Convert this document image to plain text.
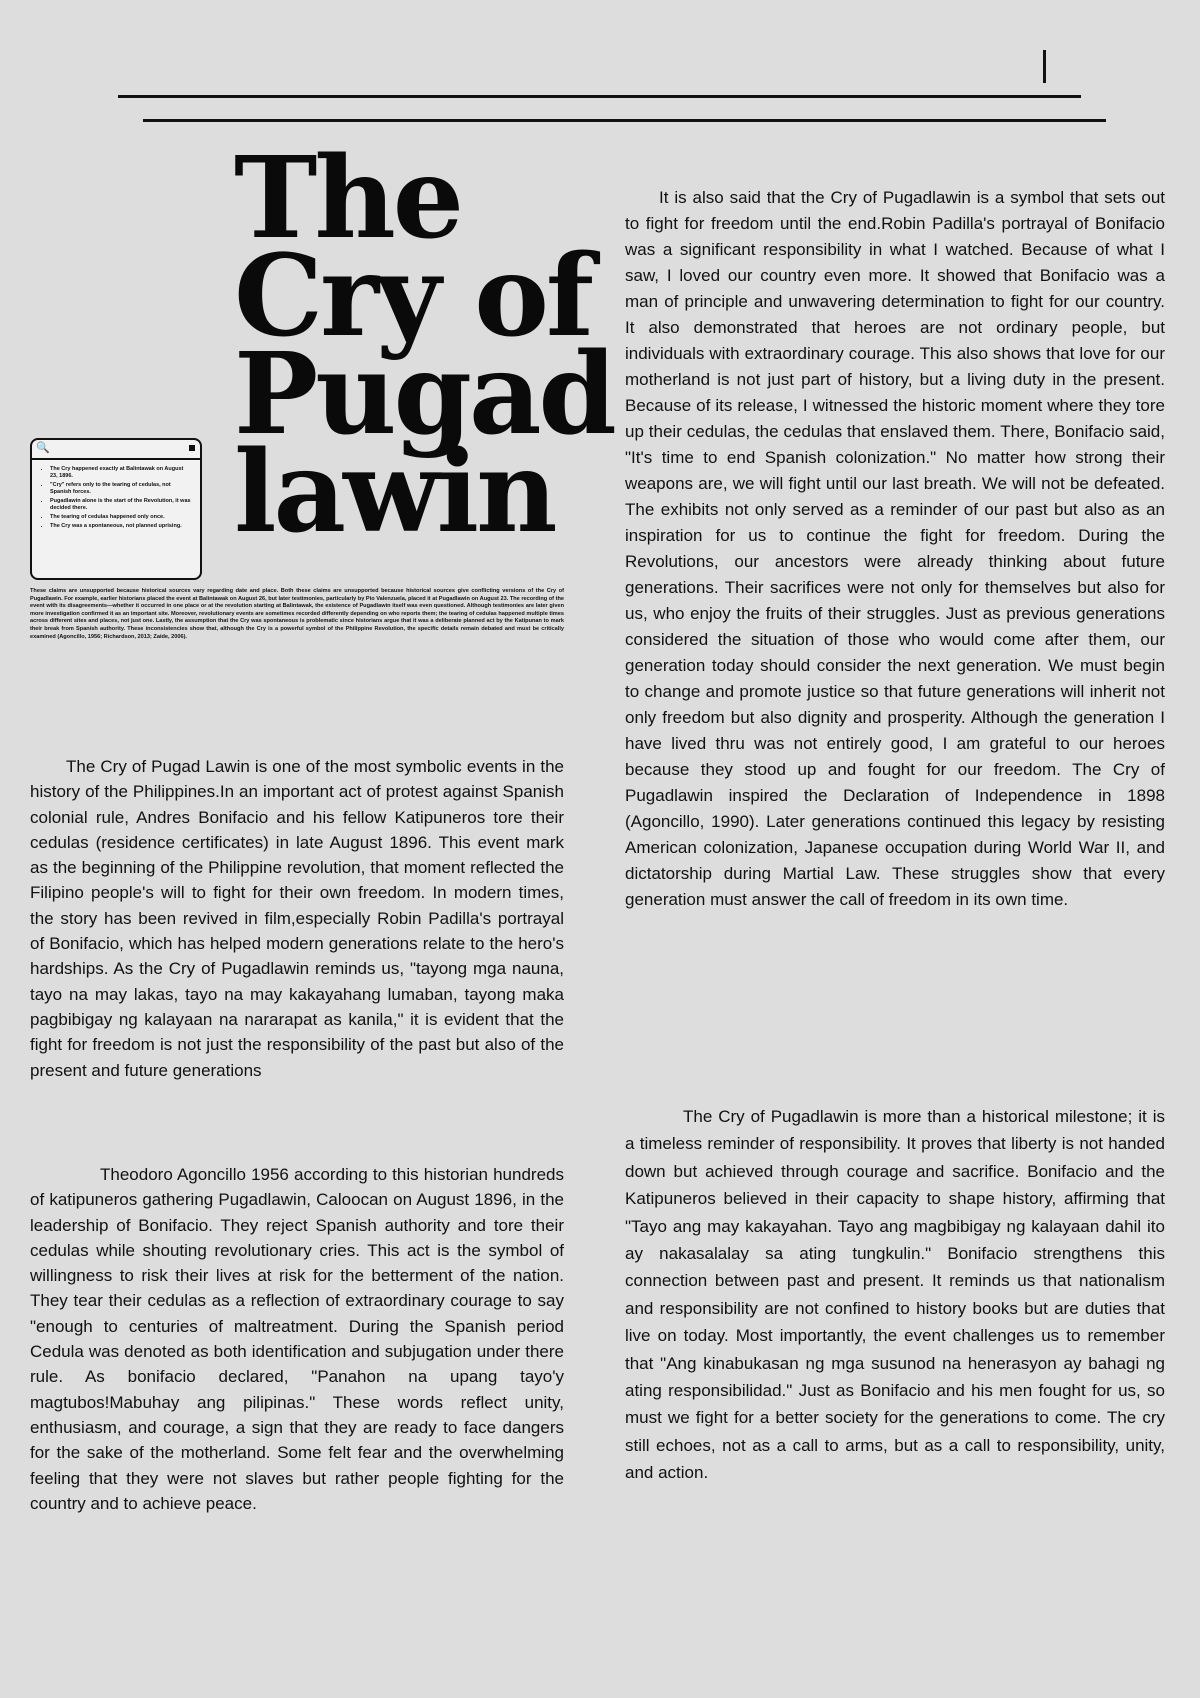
The
Cry of
Pugad
lawin
🔍
• The Cry happened exactly at Balintawak on August 23, 1896.
• "Cry" refers only to the tearing of cedulas, not Spanish forces.
• Pugadlawin alone is the start of the Revolution, it was decided there.
• The tearing of cedulas happened only once.
• The Cry was a spontaneous, not planned uprising.

These claims are unsupported because historical sources vary regarding date and place. Both these claims are unsupported because historical sources give conflicting versions of the Cry of Pugadlawin. For example, earlier historians placed the event at Balintawak on August 26, but later testimonies, particularly by Pio Valenzuela, placed it at Pugadlawin on August 23. The recording of the event with its disagreements—whether it occurred in one place or at the revolution starting at Balintawak, the existence of Pugadlawin itself was even questioned. Although testimonies are later given more investigation confirmed it as an important site. Moreover, revolutionary events are sometimes recorded differently depending on who reports them; the tearing of cedulas happened multiple times across different sites and places, not just one. Lastly, the assumption that the Cry was spontaneous is problematic since historians argue that it was a deliberate planned act by the Katipunan to mark their break from Spanish authority. These inconsistencies show that, although the Cry is a powerful symbol of the Philippine Revolution, the specific details remain debated and must be critically examined (Agoncillo, 1956; Richardson, 2013; Zaide, 2006).

The Cry of Pugad Lawin is one of the most symbolic events in the history of the Philippines.In an important act of protest against Spanish colonial rule, Andres Bonifacio and his fellow Katipuneros tore their cedulas (residence certificates) in late August 1896. This event mark as the beginning of the Philippine revolution, that moment reflected the Filipino people's will to fight for their own freedom. In modern times, the story has been revived in film,especially Robin Padilla's portrayal of Bonifacio, which has helped modern generations relate to the hero's hardships. As the Cry of Pugadlawin reminds us, "tayong mga nauna, tayo na may lakas, tayo na may kakayahang lumaban, tayong maka pagbibigay ng kalayaan na nararapat as kanila," it is evident that the fight for freedom is not just the responsibility of the past but also of the present and future generations

Theodoro Agoncillo 1956 according to this historian hundreds of katipuneros gathering Pugadlawin, Caloocan on August 1896, in the leadership of Bonifacio. They reject Spanish authority and tore their cedulas while shouting revolutionary cries. This act is the symbol of willingness to risk their lives at risk for the betterment of the nation. They tear their cedulas as a reflection of extraordinary courage to say "enough to centuries of maltreatment. During the Spanish period Cedula was denoted as both identification and subjugation under there rule. As bonifacio declared, "Panahon na upang tayo'y magtubos!Mabuhay ang pilipinas." These words reflect unity, enthusiasm, and courage, a sign that they are ready to face dangers for the sake of the motherland. Some felt fear and the overwhelming feeling that they were not slaves but rather people fighting for the country and to achieve peace.

It is also said that the Cry of Pugadlawin is a symbol that sets out to fight for freedom until the end.Robin Padilla's portrayal of Bonifacio was a significant responsibility in what I watched. Because of what I saw, I loved our country even more. It showed that Bonifacio was a man of principle and unwavering determination to fight for our country. It also demonstrated that heroes are not ordinary people, but individuals with extraordinary courage. This also shows that love for our motherland is not just part of history, but a living duty in the present. Because of its release, I witnessed the historic moment where they tore up their cedulas, the cedulas that enslaved them. There, Bonifacio said, "It's time to end Spanish colonization." No matter how strong their weapons are, we will fight until our last breath. We will not be defeated. The exhibits not only served as a reminder of our past but also as an inspiration for us to continue the fight for freedom. During the Revolutions, our ancestors were already thinking about future generations. Their sacrifices were not only for themselves but also for us, who enjoy the fruits of their struggles. Just as previous generations considered the situation of those who would come after them, our generation today should consider the next generation. We must begin to change and promote justice so that future generations will inherit not only freedom but also dignity and prosperity. Although the generation I have lived thru was not entirely good, I am grateful to our heroes because they stood up and fought for our freedom. The Cry of Pugadlawin inspired the Declaration of Independence in 1898 (Agoncillo, 1990). Later generations continued this legacy by resisting American colonization, Japanese occupation during World War II, and dictatorship during Martial Law. These struggles show that every generation must answer the call of freedom in its own time.

The Cry of Pugadlawin is more than a historical milestone; it is a timeless reminder of responsibility. It proves that liberty is not handed down but achieved through courage and sacrifice. Bonifacio and the Katipuneros believed in their capacity to shape history, affirming that "Tayo ang may kakayahan. Tayo ang magbibigay ng kalayaan dahil ito ay nakasalalay sa ating tungkulin." Bonifacio strengthens this connection between past and present. It reminds us that nationalism and responsibility are not confined to history books but are duties that live on today. Most importantly, the event challenges us to remember that "Ang kinabukasan ng mga susunod na henerasyon ay bahagi ng ating responsibilidad." Just as Bonifacio and his men fought for us, so must we fight for a better society for the generations to come. The cry still echoes, not as a call to arms, but as a call to responsibility, unity, and action.
